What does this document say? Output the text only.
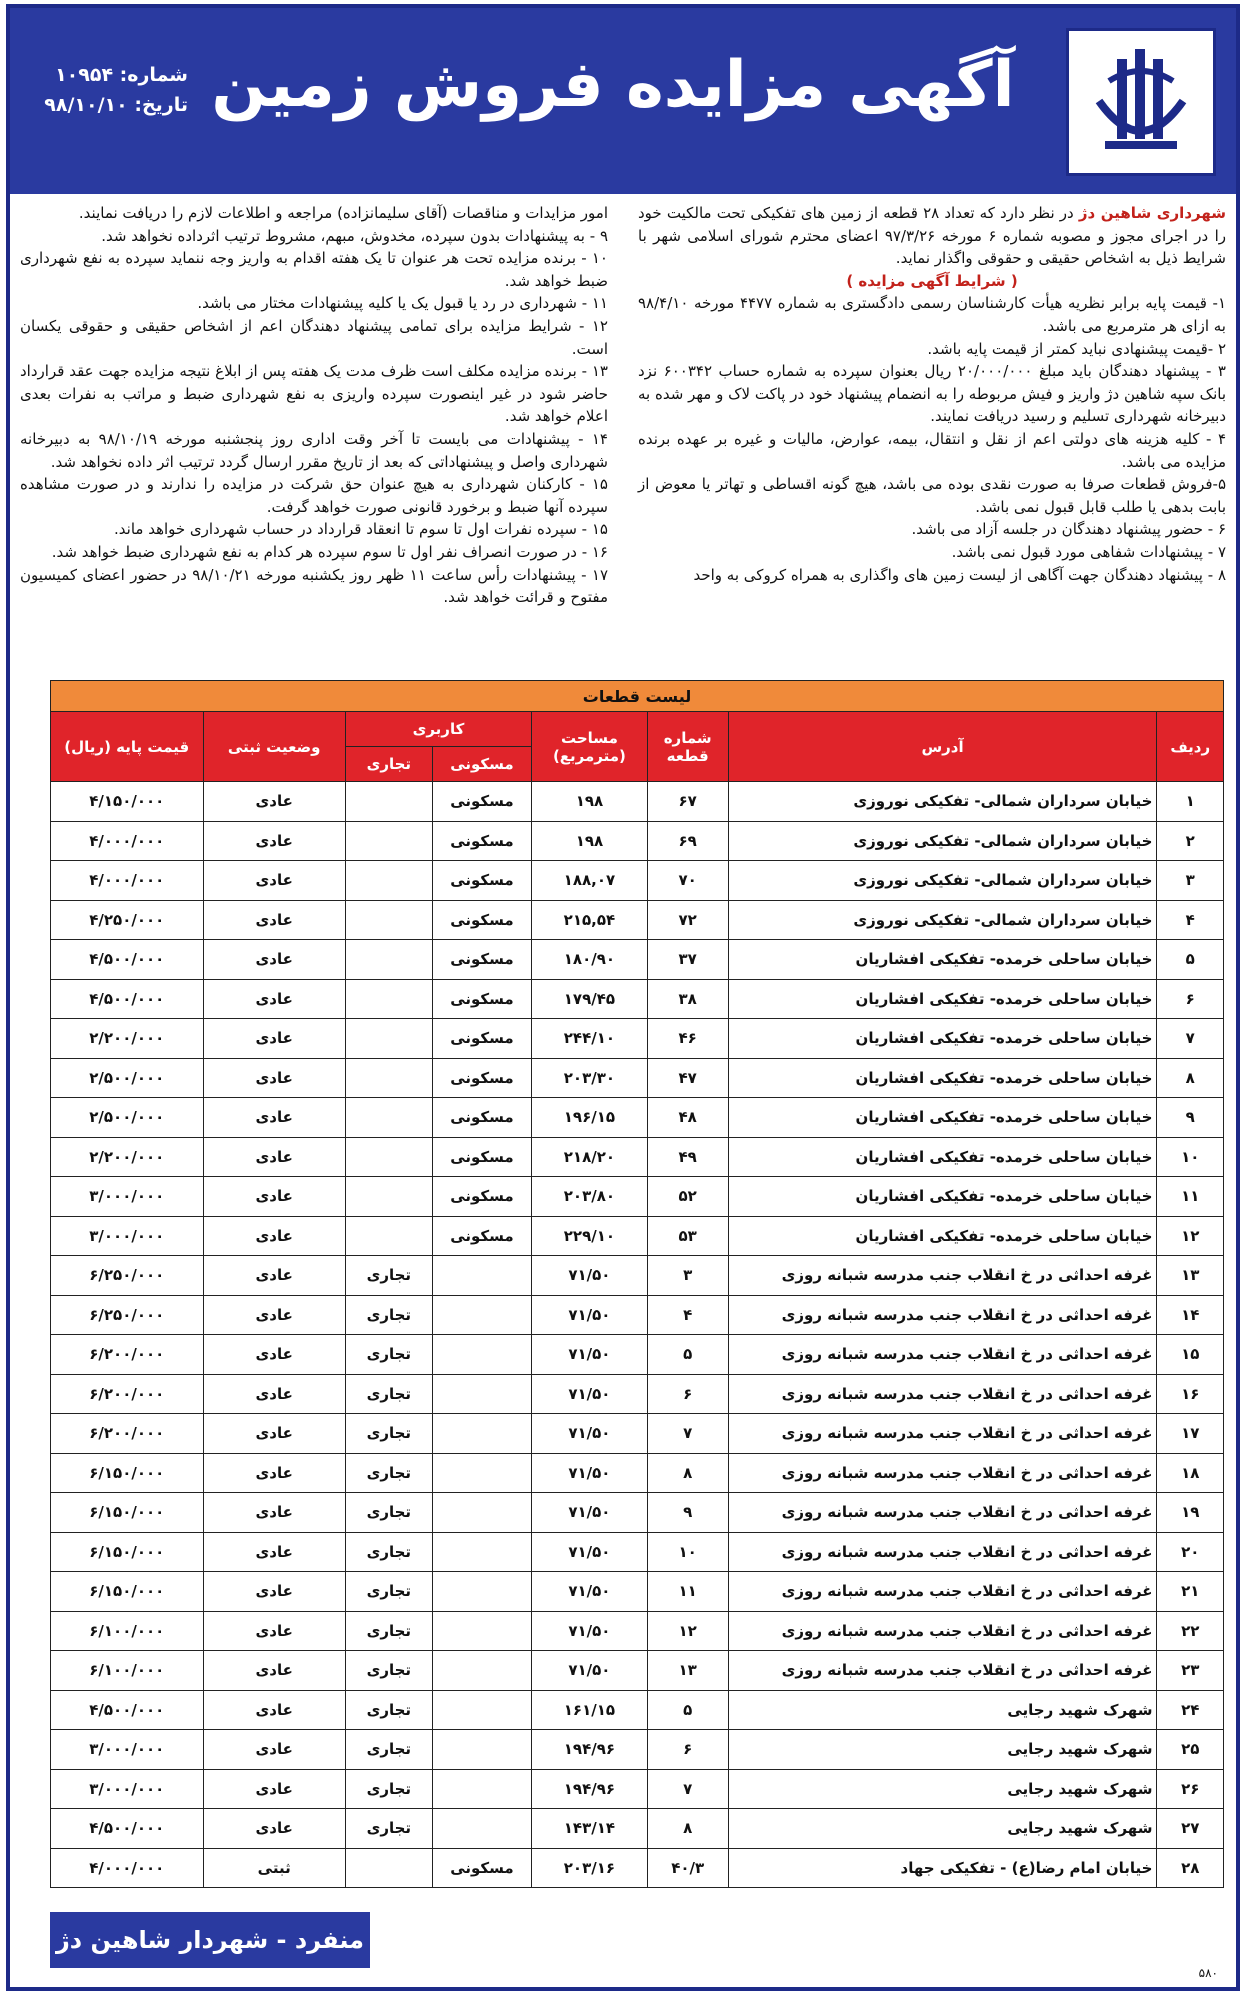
شماره: ۱۰۹۵۴
تاریخ: ۹۸/۱۰/۱۰ آگهی مزایده فروش زمین

شهرداری شاهین دژ در نظر دارد که تعداد ۲۸ قطعه از زمین های تفکیکی تحت مالکیت خود را در اجرای مجوز و مصوبه شماره ۶ مورخه ۹۷/۳/۲۶ اعضای محترم شورای اسلامی شهر با شرایط ذیل به اشخاص حقیقی و حقوقی واگذار نماید.

( شرایط آگهی مزایده )

۱- قیمت پایه برابر نظریه هیأت کارشناسان رسمی دادگستری به شماره ۴۴۷۷ مورخه ۹۸/۴/۱۰ به ازای هر مترمربع می باشد.

۲ -قیمت پیشنهادی نباید کمتر از قیمت پایه باشد.

۳ - پیشنهاد دهندگان باید مبلغ ۲۰/۰۰۰/۰۰۰ ریال بعنوان سپرده به شماره حساب ۶۰۰۳۴۲ نزد بانک سپه شاهین دژ واریز و فیش مربوطه را به انضمام پیشنهاد خود در پاکت لاک و مهر شده به دبیرخانه شهرداری تسلیم و رسید دریافت نمایند.

۴ - کلیه هزینه های دولتی اعم از نقل و انتقال، بیمه، عوارض، مالیات و غیره بر عهده برنده مزایده می باشد.

۵-فروش قطعات صرفا به صورت نقدی بوده می باشد، هیچ گونه اقساطی و تهاتر یا معوض از بابت بدهی یا طلب قابل قبول نمی باشد.

۶ - حضور پیشنهاد دهندگان در جلسه آزاد می باشد.

۷ - پیشنهادات شفاهی مورد قبول نمی باشد.

۸ - پیشنهاد دهندگان جهت آگاهی از لیست زمین های واگذاری به همراه کروکی به واحد

امور مزایدات و مناقصات (آقای سلیمانزاده) مراجعه و اطلاعات لازم را دریافت نمایند.

۹ - به پیشنهادات بدون سپرده، مخدوش، مبهم، مشروط ترتیب اثرداده نخواهد شد.

۱۰ - برنده مزایده تحت هر عنوان تا یک هفته اقدام به واریز وجه ننماید سپرده به نفع شهرداری ضبط خواهد شد.

۱۱ - شهرداری در رد یا قبول یک یا کلیه پیشنهادات مختار می باشد.

۱۲ - شرایط مزایده برای تمامی پیشنهاد دهندگان اعم از اشخاص حقیقی و حقوقی یکسان است.

۱۳ - برنده مزایده مکلف است ظرف مدت یک هفته پس از ابلاغ نتیجه مزایده جهت عقد قرارداد حاضر شود در غیر اینصورت سپرده واریزی به نفع شهرداری ضبط و مراتب به نفرات بعدی اعلام خواهد شد.

۱۴ - پیشنهادات می بایست تا آخر وقت اداری روز پنجشنبه مورخه ۹۸/۱۰/۱۹ به دبیرخانه شهرداری واصل و پیشنهاداتی که بعد از تاریخ مقرر ارسال گردد ترتیب اثر داده نخواهد شد.

۱۵ - کارکنان شهرداری به هیچ عنوان حق شرکت در مزایده را ندارند و در صورت مشاهده سپرده آنها ضبط و برخورد قانونی صورت خواهد گرفت.

۱۵ - سپرده نفرات اول تا سوم تا انعقاد قرارداد در حساب شهرداری خواهد ماند.

۱۶ - در صورت انصراف نفر اول تا سوم سپرده هر کدام به نفع شهرداری ضبط خواهد شد.

۱۷ - پیشنهادات رأس ساعت ۱۱ ظهر روز یکشنبه مورخه ۹۸/۱۰/۲۱ در حضور اعضای کمیسیون مفتوح و قرائت خواهد شد.

لیست قطعات							
ردیف	آدرس	شماره قطعه	مساحت (مترمربع)	کاربری		وضعیت ثبتی	قیمت پایه (ریال)
				مسکونی	تجاری		
۱	خیابان سرداران شمالی- تفکیکی نوروزی	۶۷	۱۹۸	مسکونی		عادی	۴/۱۵۰/۰۰۰
۲	خیابان سرداران شمالی- تفکیکی نوروزی	۶۹	۱۹۸	مسکونی		عادی	۴/۰۰۰/۰۰۰
۳	خیابان سرداران شمالی- تفکیکی نوروزی	۷۰	۱۸۸,۰۷	مسکونی		عادی	۴/۰۰۰/۰۰۰
۴	خیابان سرداران شمالی- تفکیکی نوروزی	۷۲	۲۱۵,۵۴	مسکونی		عادی	۴/۲۵۰/۰۰۰
۵	خیابان ساحلی خرمده- تفکیکی افشاریان	۳۷	۱۸۰/۹۰	مسکونی		عادی	۴/۵۰۰/۰۰۰
۶	خیابان ساحلی خرمده- تفکیکی افشاریان	۳۸	۱۷۹/۴۵	مسکونی		عادی	۴/۵۰۰/۰۰۰
۷	خیابان ساحلی خرمده- تفکیکی افشاریان	۴۶	۲۴۴/۱۰	مسکونی		عادی	۲/۲۰۰/۰۰۰
۸	خیابان ساحلی خرمده- تفکیکی افشاریان	۴۷	۲۰۳/۳۰	مسکونی		عادی	۲/۵۰۰/۰۰۰
۹	خیابان ساحلی خرمده- تفکیکی افشاریان	۴۸	۱۹۶/۱۵	مسکونی		عادی	۲/۵۰۰/۰۰۰
۱۰	خیابان ساحلی خرمده- تفکیکی افشاریان	۴۹	۲۱۸/۲۰	مسکونی		عادی	۲/۲۰۰/۰۰۰
۱۱	خیابان ساحلی خرمده- تفکیکی افشاریان	۵۲	۲۰۳/۸۰	مسکونی		عادی	۳/۰۰۰/۰۰۰
۱۲	خیابان ساحلی خرمده- تفکیکی افشاریان	۵۳	۲۲۹/۱۰	مسکونی		عادی	۳/۰۰۰/۰۰۰
۱۳	غرفه احداثی در خ انقلاب جنب مدرسه شبانه روزی	۳	۷۱/۵۰		تجاری	عادی	۶/۲۵۰/۰۰۰
۱۴	غرفه احداثی در خ انقلاب جنب مدرسه شبانه روزی	۴	۷۱/۵۰		تجاری	عادی	۶/۲۵۰/۰۰۰
۱۵	غرفه احداثی در خ انقلاب جنب مدرسه شبانه روزی	۵	۷۱/۵۰		تجاری	عادی	۶/۲۰۰/۰۰۰
۱۶	غرفه احداثی در خ انقلاب جنب مدرسه شبانه روزی	۶	۷۱/۵۰		تجاری	عادی	۶/۲۰۰/۰۰۰
۱۷	غرفه احداثی در خ انقلاب جنب مدرسه شبانه روزی	۷	۷۱/۵۰		تجاری	عادی	۶/۲۰۰/۰۰۰
۱۸	غرفه احداثی در خ انقلاب جنب مدرسه شبانه روزی	۸	۷۱/۵۰		تجاری	عادی	۶/۱۵۰/۰۰۰
۱۹	غرفه احداثی در خ انقلاب جنب مدرسه شبانه روزی	۹	۷۱/۵۰		تجاری	عادی	۶/۱۵۰/۰۰۰
۲۰	غرفه احداثی در خ انقلاب جنب مدرسه شبانه روزی	۱۰	۷۱/۵۰		تجاری	عادی	۶/۱۵۰/۰۰۰
۲۱	غرفه احداثی در خ انقلاب جنب مدرسه شبانه روزی	۱۱	۷۱/۵۰		تجاری	عادی	۶/۱۵۰/۰۰۰
۲۲	غرفه احداثی در خ انقلاب جنب مدرسه شبانه روزی	۱۲	۷۱/۵۰		تجاری	عادی	۶/۱۰۰/۰۰۰
۲۳	غرفه احداثی در خ انقلاب جنب مدرسه شبانه روزی	۱۳	۷۱/۵۰		تجاری	عادی	۶/۱۰۰/۰۰۰
۲۴	شهرک شهید رجایی	۵	۱۶۱/۱۵		تجاری	عادی	۴/۵۰۰/۰۰۰
۲۵	شهرک شهید رجایی	۶	۱۹۴/۹۶		تجاری	عادی	۳/۰۰۰/۰۰۰
۲۶	شهرک شهید رجایی	۷	۱۹۴/۹۶		تجاری	عادی	۳/۰۰۰/۰۰۰
۲۷	شهرک شهید رجایی	۸	۱۴۳/۱۴		تجاری	عادی	۴/۵۰۰/۰۰۰
۲۸	خیابان امام رضا(ع) - تفکیکی جهاد	۴۰/۳	۲۰۳/۱۶	مسکونی		ثبتی	۴/۰۰۰/۰۰۰
منفرد - شهردار شاهین دژ
۵۸۰
